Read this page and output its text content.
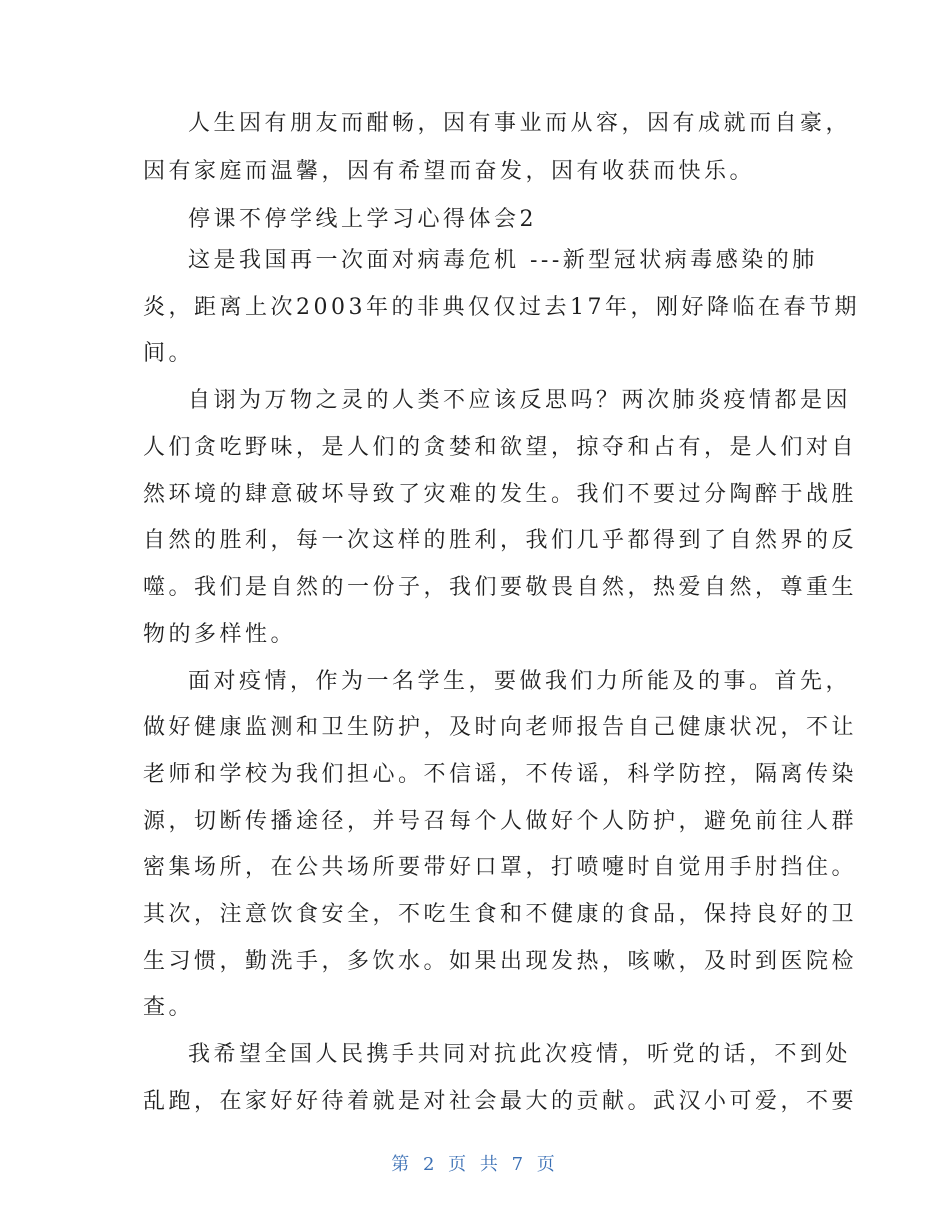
人生因有朋友而酣畅，因有事业而从容，因有成就而自豪，
因有家庭而温馨，因有希望而奋发，因有收获而快乐。
停课不停学线上学习心得体会2
这是我国再一次面对病毒危机 ---新型冠状病毒感染的肺
炎，距离上次2003年的非典仅仅过去17年，刚好降临在春节期
间。
自诩为万物之灵的人类不应该反思吗？两次肺炎疫情都是因
人们贪吃野味，是人们的贪婪和欲望，掠夺和占有，是人们对自
然环境的肆意破坏导致了灾难的发生。我们不要过分陶醉于战胜
自然的胜利，每一次这样的胜利，我们几乎都得到了自然界的反
噬。我们是自然的一份子，我们要敬畏自然，热爱自然，尊重生
物的多样性。
面对疫情，作为一名学生，要做我们力所能及的事。首先，
做好健康监测和卫生防护，及时向老师报告自己健康状况，不让
老师和学校为我们担心。不信谣，不传谣，科学防控，隔离传染
源，切断传播途径，并号召每个人做好个人防护，避免前往人群
密集场所，在公共场所要带好口罩，打喷嚏时自觉用手肘挡住。
其次，注意饮食安全，不吃生食和不健康的食品，保持良好的卫
生习惯，勤洗手，多饮水。如果出现发热，咳嗽，及时到医院检
查。
我希望全国人民携手共同对抗此次疫情，听党的话，不到处
乱跑，在家好好待着就是对社会最大的贡献。武汉小可爱，不要
第 2 页 共 7 页
